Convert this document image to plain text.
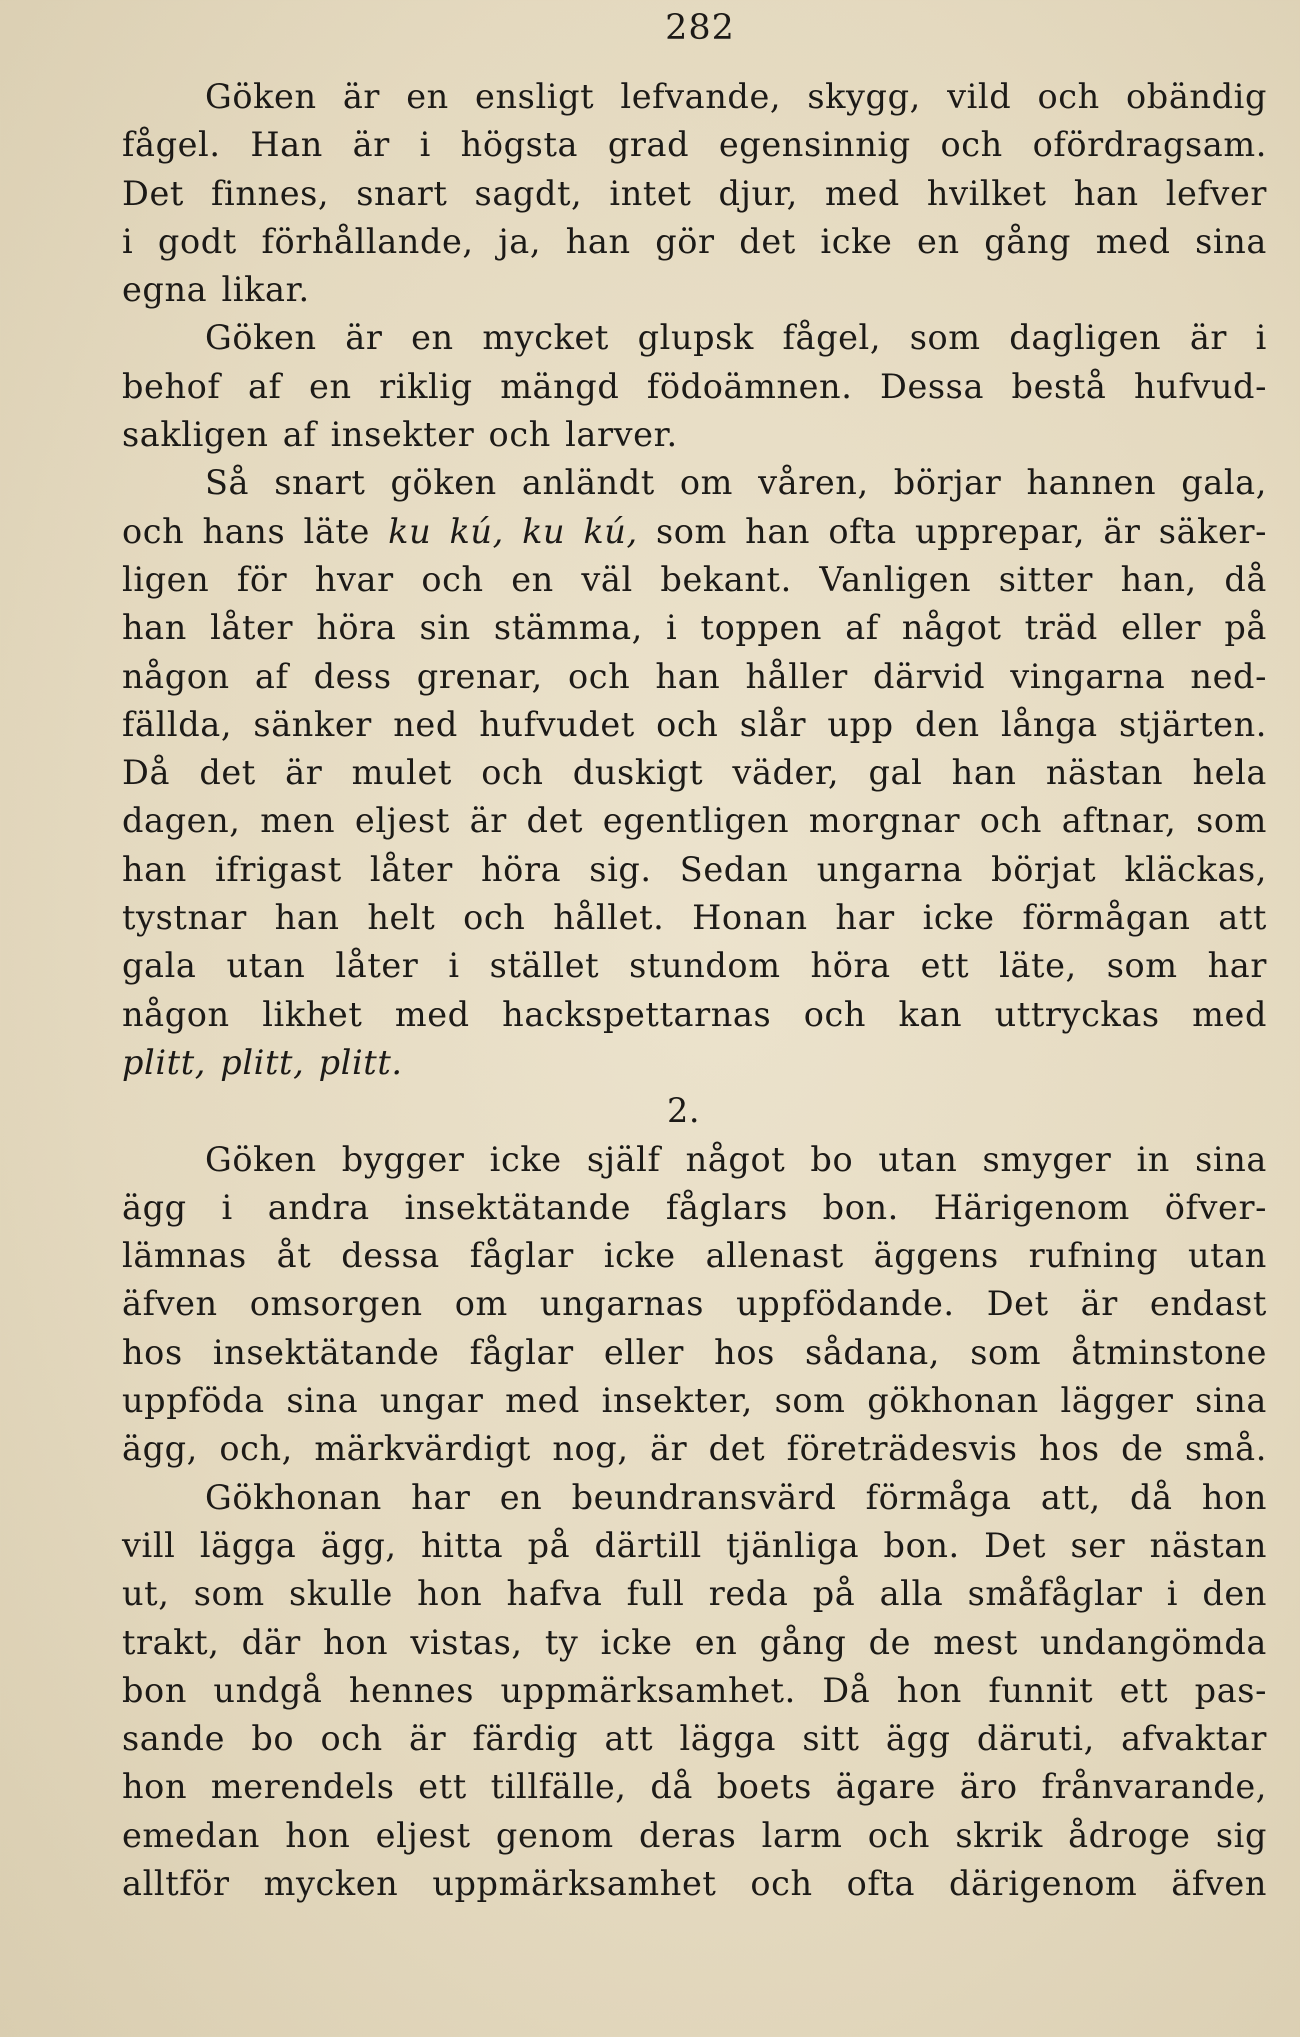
282
Göken är en ensligt lefvande, skygg, vild och obändig
fågel. Han är i högsta grad egensinnig och ofördragsam.
Det finnes, snart sagdt, intet djur, med hvilket han lefver
i godt förhållande, ja, han gör det icke en gång med sina
egna likar.
Göken är en mycket glupsk fågel, som dagligen är i
behof af en riklig mängd födoämnen. Dessa bestå hufvud-
sakligen af insekter och larver.
Så snart göken anländt om våren, börjar hannen gala,
och hans läte ku kú, ku kú, som han ofta upprepar, är säker-
ligen för hvar och en väl bekant. Vanligen sitter han, då
han låter höra sin stämma, i toppen af något träd eller på
någon af dess grenar, och han håller därvid vingarna ned-
fällda, sänker ned hufvudet och slår upp den långa stjärten.
Då det är mulet och duskigt väder, gal han nästan hela
dagen, men eljest är det egentligen morgnar och aftnar, som
han ifrigast låter höra sig. Sedan ungarna börjat kläckas,
tystnar han helt och hållet. Honan har icke förmågan att
gala utan låter i stället stundom höra ett läte, som har
någon likhet med hackspettarnas och kan uttryckas med
plitt, plitt, plitt.
2.
Göken bygger icke själf något bo utan smyger in sina
ägg i andra insektätande fåglars bon. Härigenom öfver-
lämnas åt dessa fåglar icke allenast äggens rufning utan
äfven omsorgen om ungarnas uppfödande. Det är endast
hos insektätande fåglar eller hos sådana, som åtminstone
uppföda sina ungar med insekter, som gökhonan lägger sina
ägg, och, märkvärdigt nog, är det företrädesvis hos de små.
Gökhonan har en beundransvärd förmåga att, då hon
vill lägga ägg, hitta på därtill tjänliga bon. Det ser nästan
ut, som skulle hon hafva full reda på alla småfåglar i den
trakt, där hon vistas, ty icke en gång de mest undangömda
bon undgå hennes uppmärksamhet. Då hon funnit ett pas-
sande bo och är färdig att lägga sitt ägg däruti, afvaktar
hon merendels ett tillfälle, då boets ägare äro frånvarande,
emedan hon eljest genom deras larm och skrik ådroge sig
alltför mycken uppmärksamhet och ofta därigenom äfven
